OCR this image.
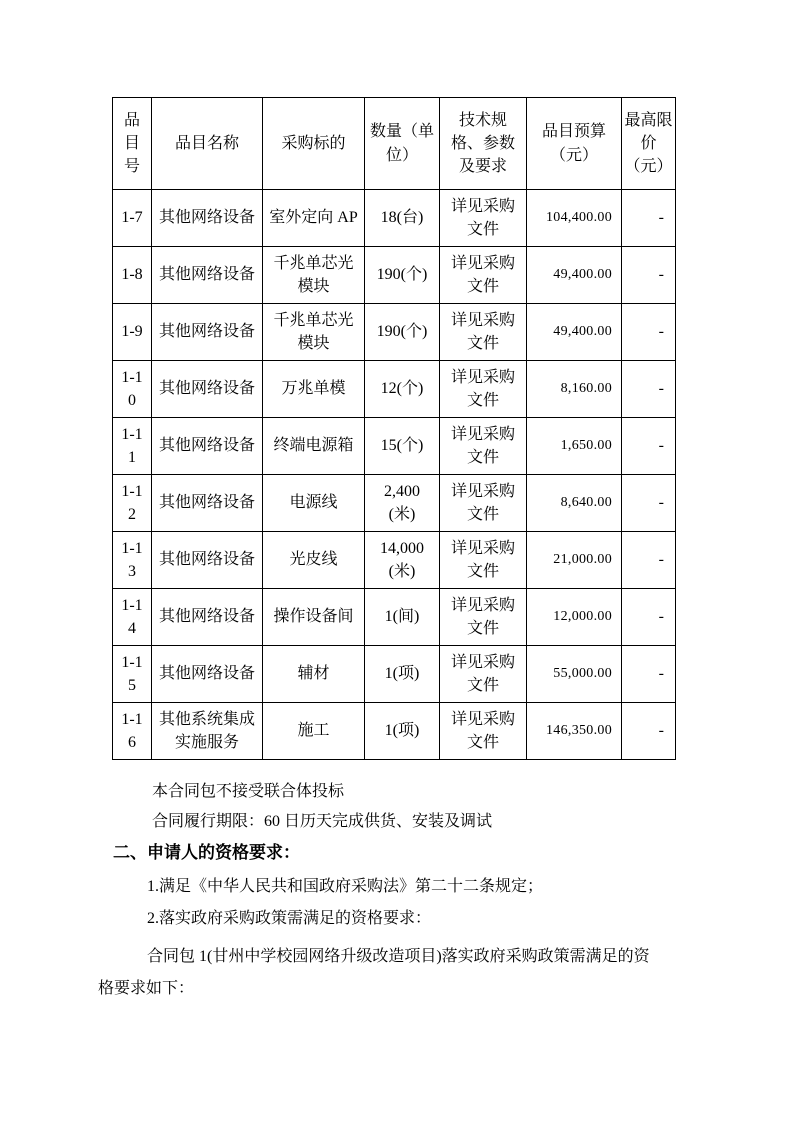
品目号	品目名称	采购标的	数量（单位）	技术规格、参数及要求	品目预算（元）	最高限价（元）
1-7	其他网络设备	室外定向 AP	18(台)	详见采购文件	104,400.00	-
1-8	其他网络设备	千兆单芯光模块	190(个)	详见采购文件	49,400.00	-
1-9	其他网络设备	千兆单芯光模块	190(个)	详见采购文件	49,400.00	-
1-10	其他网络设备	万兆单模	12(个)	详见采购文件	8,160.00	-
1-11	其他网络设备	终端电源箱	15(个)	详见采购文件	1,650.00	-
1-12	其他网络设备	电源线	2,400 (米)	详见采购文件	8,640.00	-
1-13	其他网络设备	光皮线	14,000 (米)	详见采购文件	21,000.00	-
1-14	其他网络设备	操作设备间	1(间)	详见采购文件	12,000.00	-
1-15	其他网络设备	辅材	1(项)	详见采购文件	55,000.00	-
1-16	其他系统集成实施服务	施工	1(项)	详见采购文件	146,350.00	-
本合同包不接受联合体投标
合同履行期限：60 日历天完成供货、安装及调试
二、申请人的资格要求：
1.满足《中华人民共和国政府采购法》第二十二条规定；
2.落实政府采购政策需满足的资格要求：
合同包 1(甘州中学校园网络升级改造项目)落实政府采购政策需满足的资格要求如下：
